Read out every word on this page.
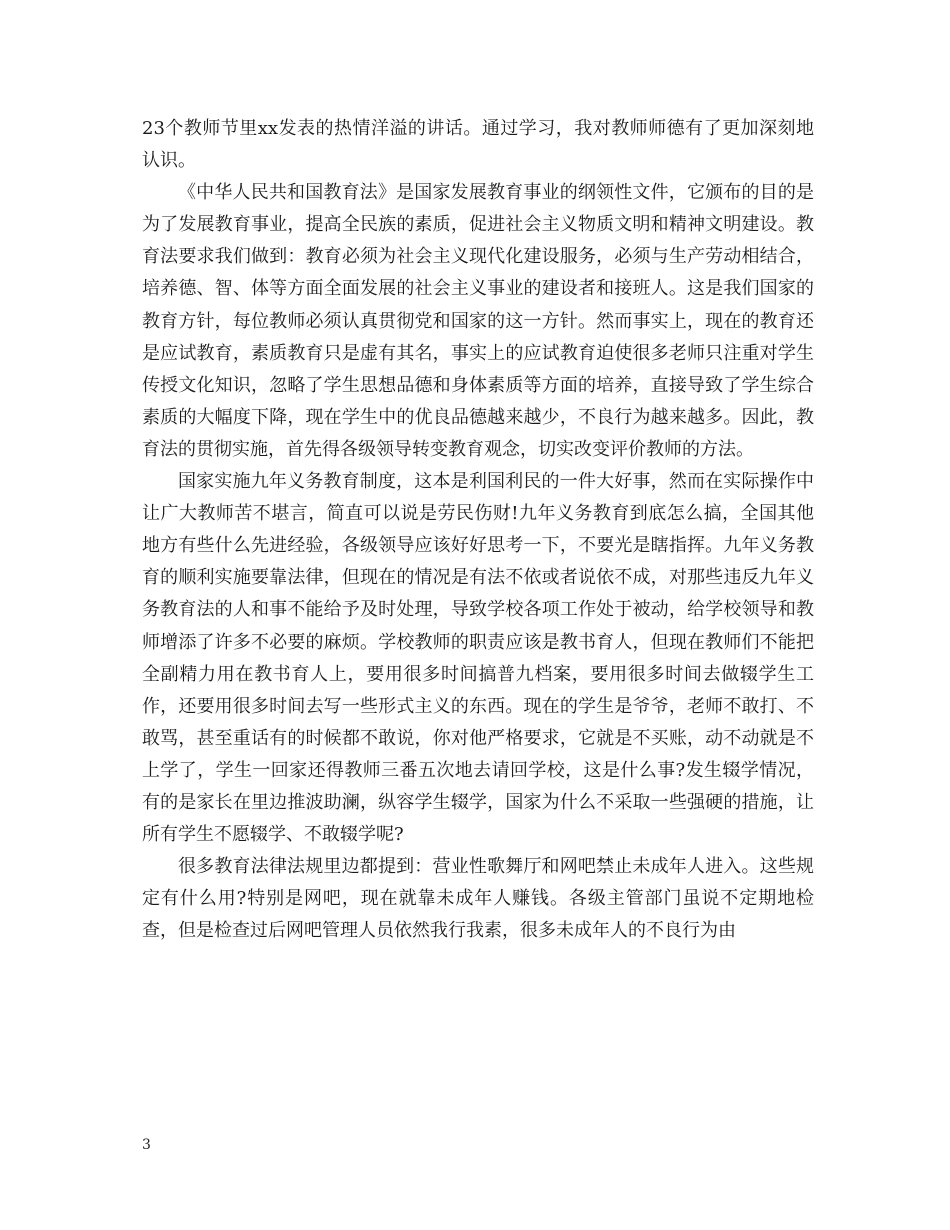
23个教师节里xx发表的热情洋溢的讲话。通过学习，我对教师师德有了更加深刻地认识。

《中华人民共和国教育法》是国家发展教育事业的纲领性文件，它颁布的目的是为了发展教育事业，提高全民族的素质，促进社会主义物质文明和精神文明建设。教育法要求我们做到：教育必须为社会主义现代化建设服务，必须与生产劳动相结合，培养德、智、体等方面全面发展的社会主义事业的建设者和接班人。这是我们国家的教育方针，每位教师必须认真贯彻党和国家的这一方针。然而事实上，现在的教育还是应试教育，素质教育只是虚有其名，事实上的应试教育迫使很多老师只注重对学生传授文化知识，忽略了学生思想品德和身体素质等方面的培养，直接导致了学生综合素质的大幅度下降，现在学生中的优良品德越来越少，不良行为越来越多。因此，教育法的贯彻实施，首先得各级领导转变教育观念，切实改变评价教师的方法。

国家实施九年义务教育制度，这本是利国利民的一件大好事，然而在实际操作中让广大教师苦不堪言，简直可以说是劳民伤财!九年义务教育到底怎么搞，全国其他地方有些什么先进经验，各级领导应该好好思考一下，不要光是瞎指挥。九年义务教育的顺利实施要靠法律，但现在的情况是有法不依或者说依不成，对那些违反九年义务教育法的人和事不能给予及时处理，导致学校各项工作处于被动，给学校领导和教师增添了许多不必要的麻烦。学校教师的职责应该是教书育人，但现在教师们不能把全副精力用在教书育人上，要用很多时间搞普九档案，要用很多时间去做辍学生工作，还要用很多时间去写一些形式主义的东西。现在的学生是爷爷，老师不敢打、不敢骂，甚至重话有的时候都不敢说，你对他严格要求，它就是不买账，动不动就是不上学了，学生一回家还得教师三番五次地去请回学校，这是什么事?发生辍学情况，有的是家长在里边推波助澜，纵容学生辍学，国家为什么不采取一些强硬的措施，让所有学生不愿辍学、不敢辍学呢?

很多教育法律法规里边都提到：营业性歌舞厅和网吧禁止未成年人进入。这些规定有什么用?特别是网吧，现在就靠未成年人赚钱。各级主管部门虽说不定期地检查，但是检查过后网吧管理人员依然我行我素，很多未成年人的不良行为由

3
